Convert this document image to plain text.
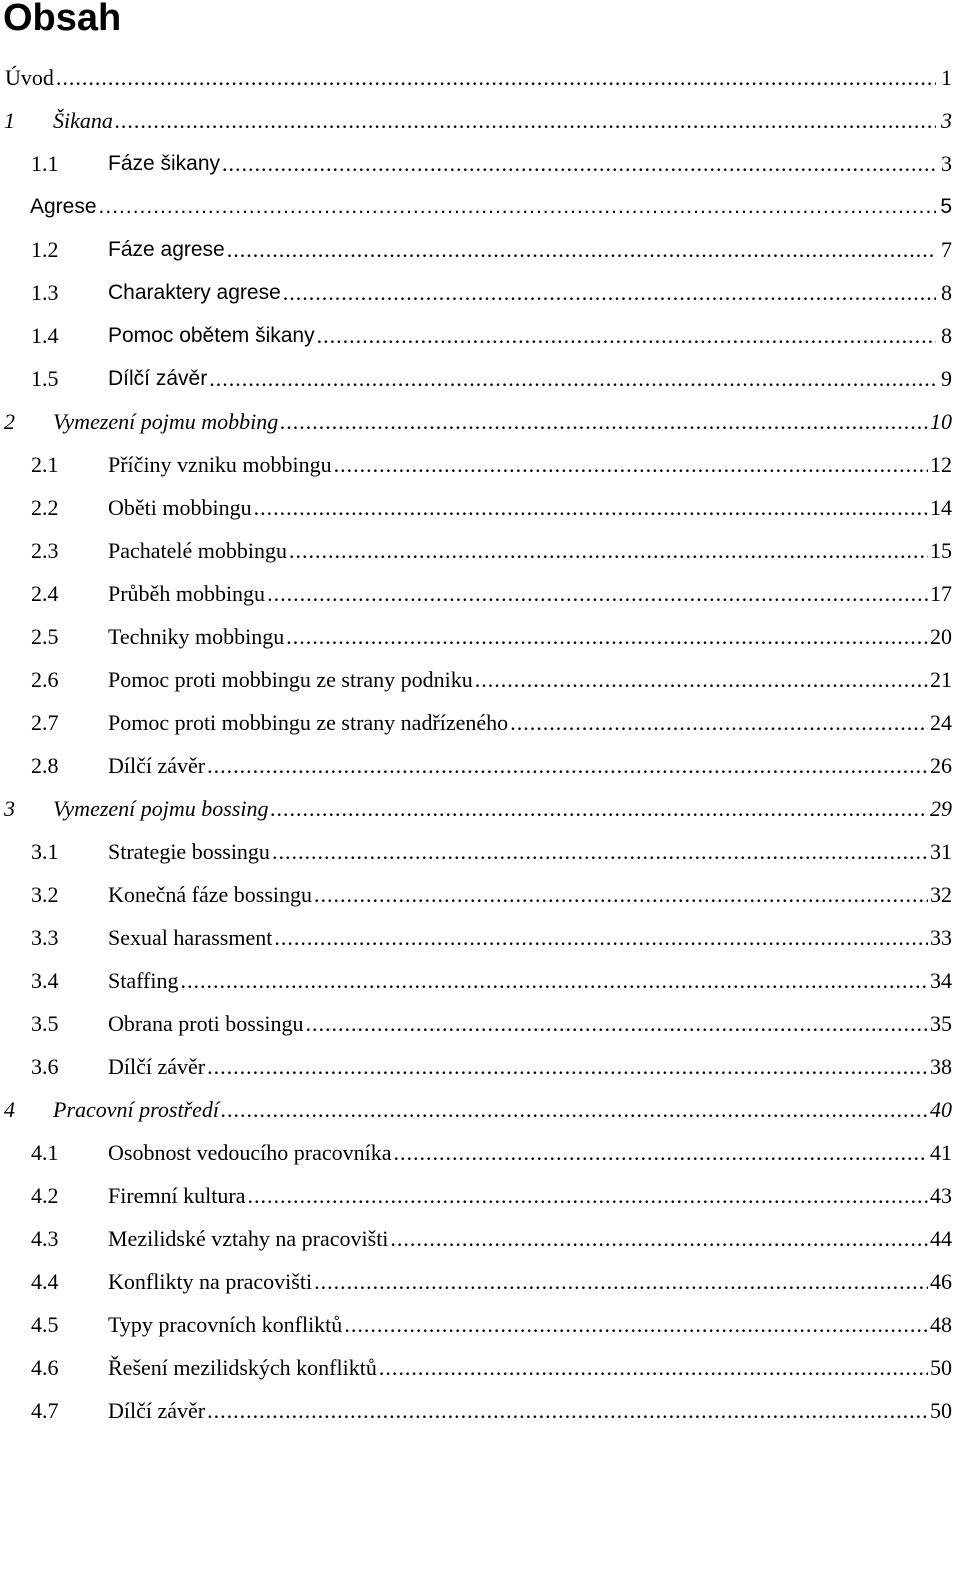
Obsah
Úvod .....	1
1	Šikana .....	3
1.1	Fáze šikany .....	3
Agrese .....	5
1.2	Fáze agrese .....	7
1.3	Charaktery agrese .....	8
1.4	Pomoc obětem šikany .....	8
1.5	Dílčí závěr .....	9
2	Vymezení pojmu mobbing .....	10
2.1	Příčiny vzniku mobbingu .....	12
2.2	Oběti mobbingu .....	14
2.3	Pachatelé mobbingu .....	15
2.4	Průběh mobbingu .....	17
2.5	Techniky mobbingu .....	20
2.6	Pomoc proti mobbingu ze strany podniku .....	21
2.7	Pomoc proti mobbingu ze strany nadřízeného .....	24
2.8	Dílčí závěr .....	26
3	Vymezení pojmu bossing .....	29
3.1	Strategie bossingu .....	31
3.2	Konečná fáze bossingu .....	32
3.3	Sexual harassment .....	33
3.4	Staffing .....	34
3.5	Obrana proti bossingu .....	35
3.6	Dílčí závěr .....	38
4	Pracovní prostředí .....	40
4.1	Osobnost vedoucího pracovníka .....	41
4.2	Firemní kultura .....	43
4.3	Mezilidské vztahy na pracovišti .....	44
4.4	Konflikty na pracovišti .....	46
4.5	Typy pracovních konfliktů .....	48
4.6	Řešení mezilidských konfliktů .....	50
4.7	Dílčí závěr .....	50
